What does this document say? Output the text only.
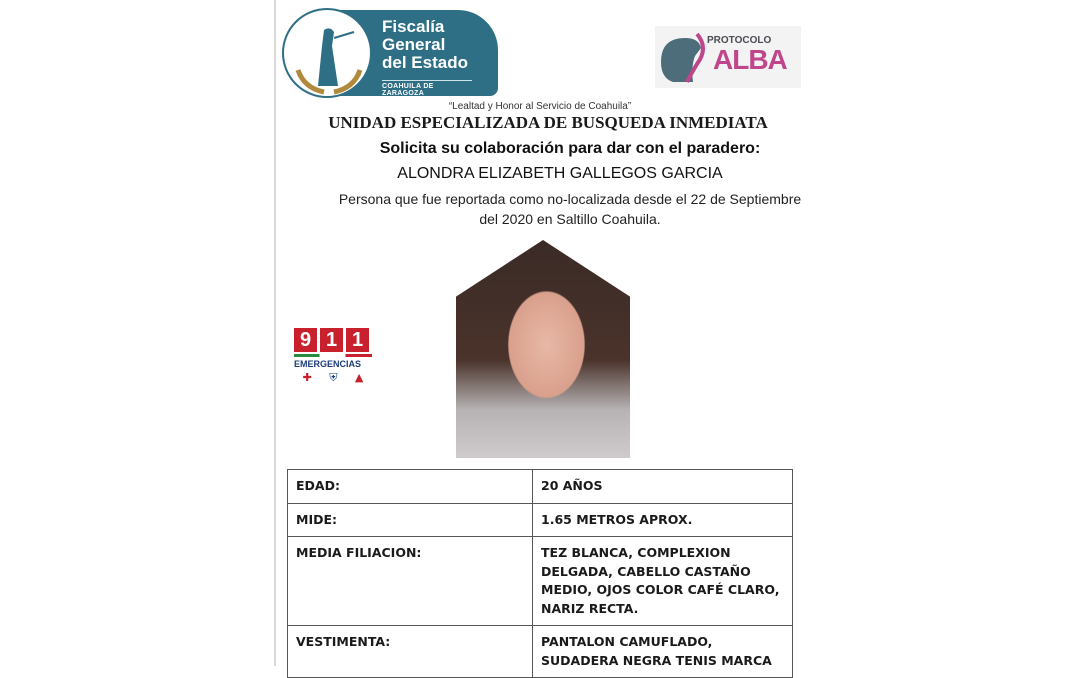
Fiscalía
General
del Estado
COAHUILA DE ZARAGOZA
PROTOCOLO
ALBA
“Lealtad y Honor al Servicio de Coahuila”
UNIDAD ESPECIALIZADA DE BUSQUEDA INMEDIATA
Solicita su colaboración para dar con el paradero:
ALONDRA ELIZABETH GALLEGOS GARCIA
Persona que fue reportada como no-localizada desde el 22 de Septiembre del 2020 en Saltillo Coahuila.
9 1 1
EMERGENCIAS
✚ ⛨ ▲
EDAD:	20 AÑOS
MIDE:	1.65 METROS APROX.
MEDIA FILIACION:	TEZ BLANCA, COMPLEXION DELGADA, CABELLO CASTAÑO MEDIO, OJOS COLOR CAFÉ CLARO, NARIZ RECTA.
VESTIMENTA:	PANTALON CAMUFLADO, SUDADERA NEGRA TENIS MARCA
